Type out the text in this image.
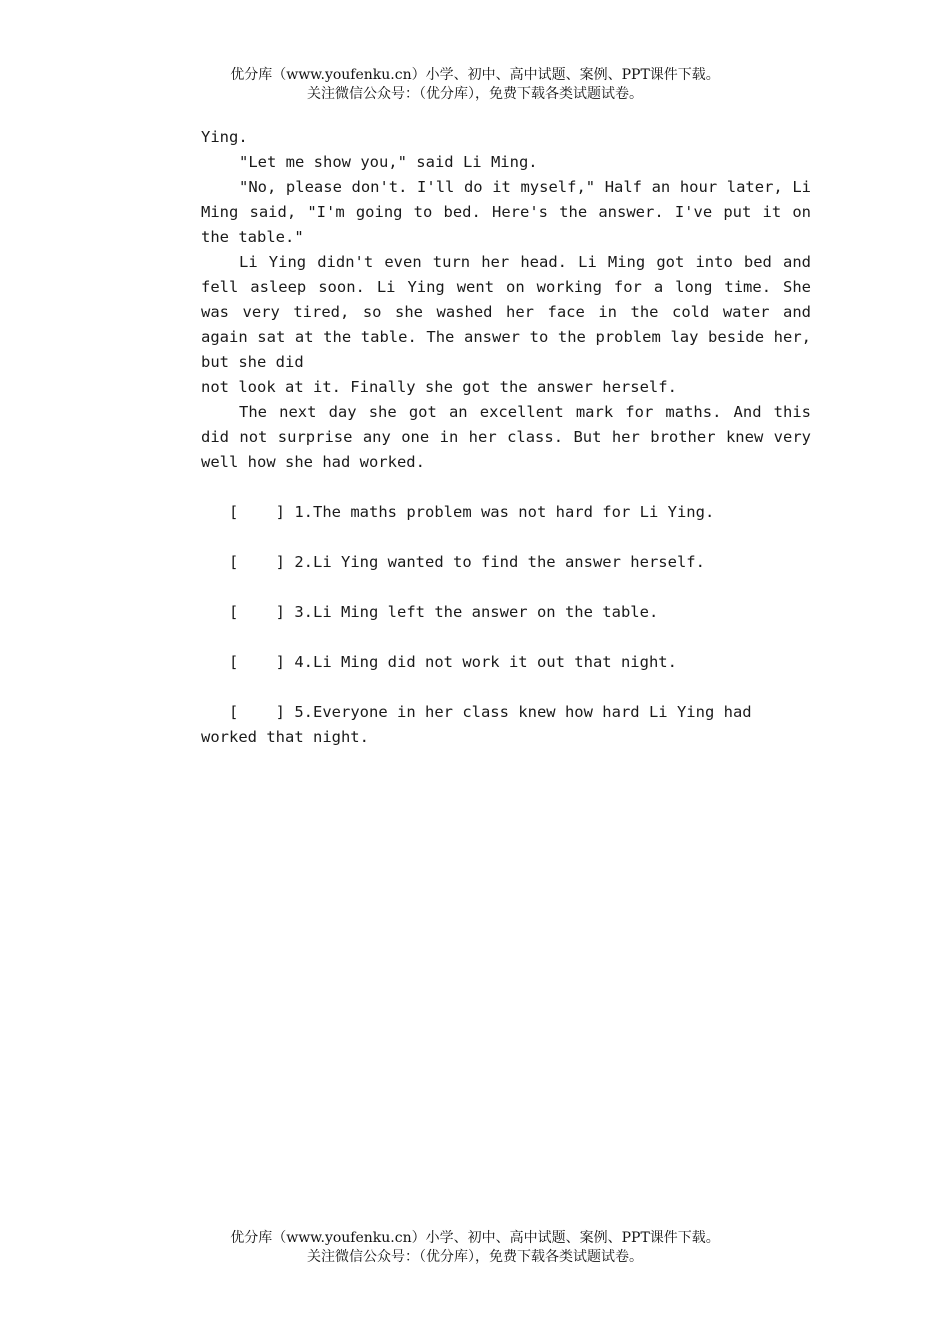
优分库（www.youfenku.cn）小学、初中、高中试题、案例、PPT课件下载。
关注微信公众号：（优分库），免费下载各类试题试卷。

Ying.

"Let me show you," said Li Ming.

"No, please don't. I'll do it myself," Half an hour later, Li Ming said, "I'm going to bed. Here's the answer. I've put it on the table."

Li Ying didn't even turn her head. Li Ming got into bed and fell asleep soon. Li Ying went on working for a long time. She was very tired, so she washed her face in the cold water and again sat at the table. The answer to the problem lay beside her, but she did

not look at it. Finally she got the answer herself.

The next day she got an excellent mark for maths. And this did not surprise any one in her class. But her brother knew very well how she had worked.

[    ] 1.The maths problem was not hard for Li Ying.
[    ] 2.Li Ying wanted to find the answer herself.
[    ] 3.Li Ming left the answer on the table.
[    ] 4.Li Ming did not work it out that night.
[    ] 5.Everyone in her class knew how hard Li Ying had
worked that night.
优分库（www.youfenku.cn）小学、初中、高中试题、案例、PPT课件下载。
关注微信公众号：（优分库），免费下载各类试题试卷。
